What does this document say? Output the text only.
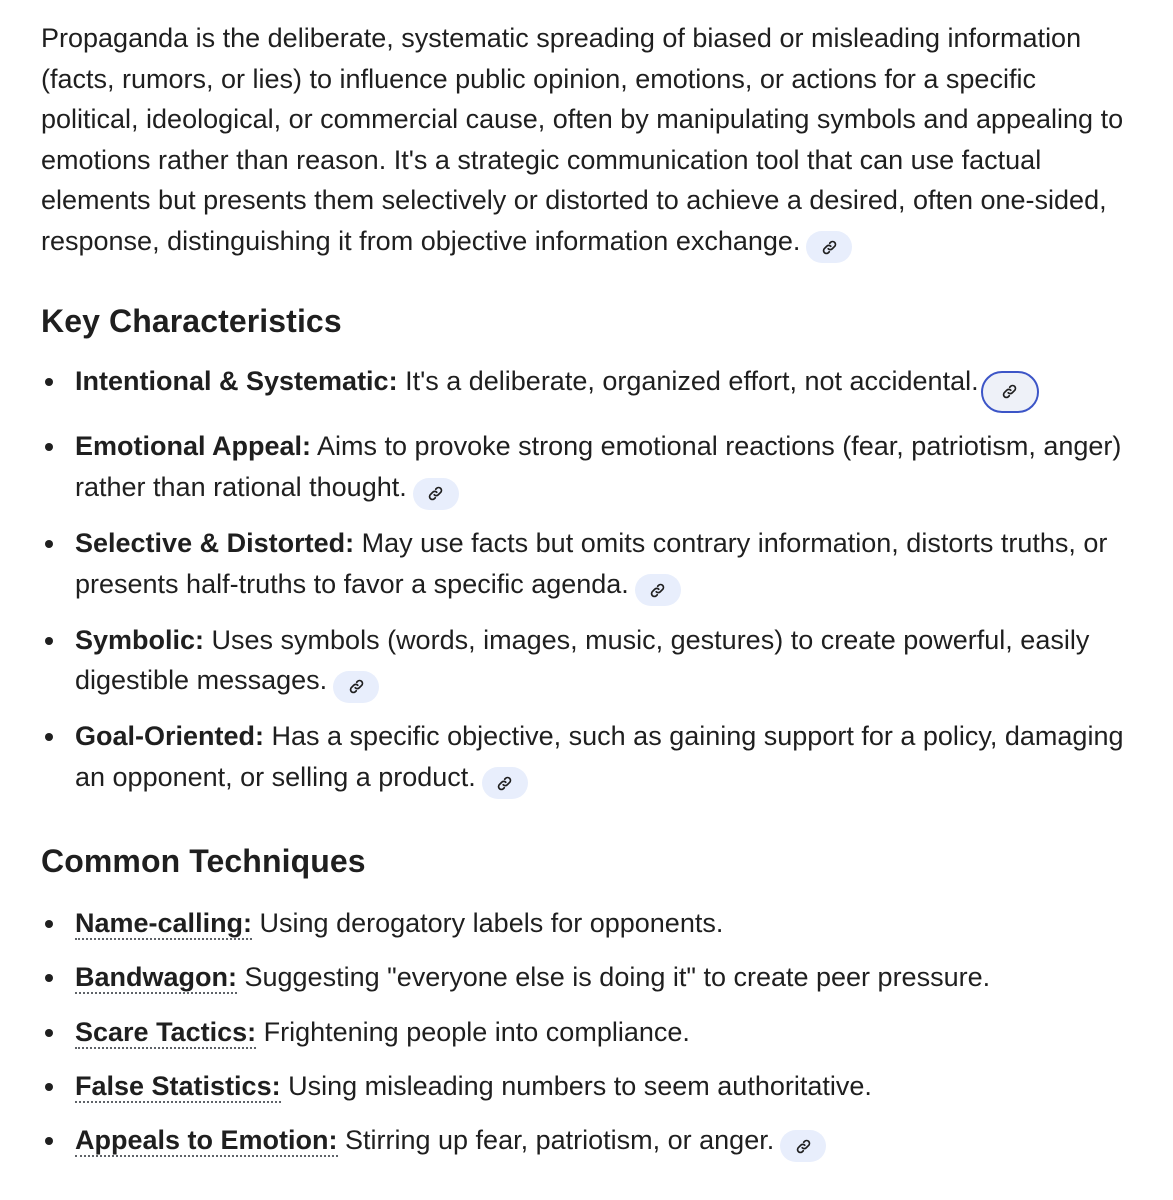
Propaganda is the deliberate, systematic spreading of biased or misleading information (facts, rumors, or lies) to influence public opinion, emotions, or actions for a specific political, ideological, or commercial cause, often by manipulating symbols and appealing to emotions rather than reason. It's a strategic communication tool that can use factual elements but presents them selectively or distorted to achieve a desired, often one-sided, response, distinguishing it from objective information exchange.

Key Characteristics
Intentional & Systematic: It's a deliberate, organized effort, not accidental.
Emotional Appeal: Aims to provoke strong emotional reactions (fear, patriotism, anger) rather than rational thought.
Selective & Distorted: May use facts but omits contrary information, distorts truths, or presents half-truths to favor a specific agenda.
Symbolic: Uses symbols (words, images, music, gestures) to create powerful, easily digestible messages.
Goal-Oriented: Has a specific objective, such as gaining support for a policy, damaging an opponent, or selling a product.
Common Techniques
Name-calling: Using derogatory labels for opponents.
Bandwagon: Suggesting "everyone else is doing it" to create peer pressure.
Scare Tactics: Frightening people into compliance.
False Statistics: Using misleading numbers to seem authoritative.
Appeals to Emotion: Stirring up fear, patriotism, or anger.
